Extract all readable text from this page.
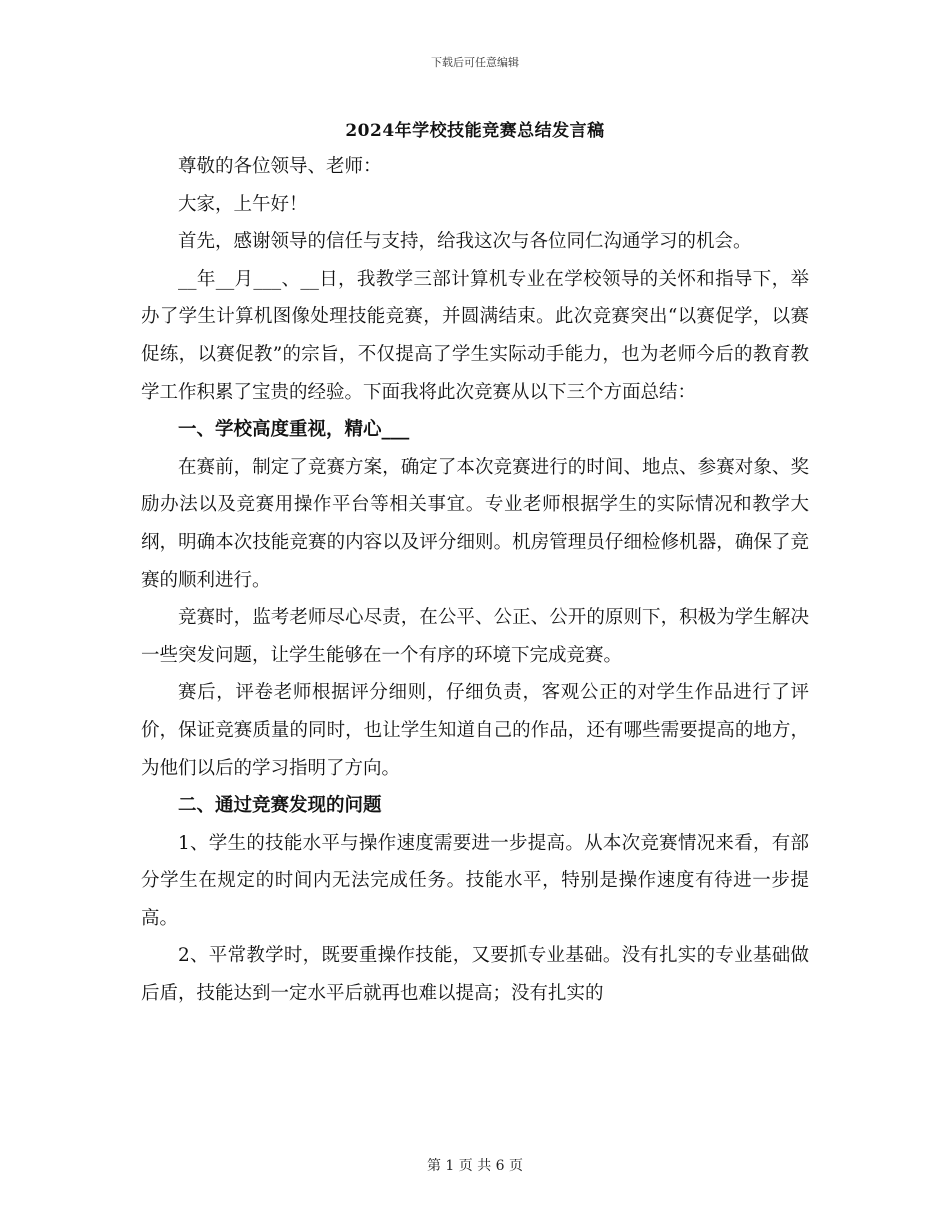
下载后可任意编辑
2024年学校技能竞赛总结发言稿

尊敬的各位领导、老师：

大家，上午好！

首先，感谢领导的信任与支持，给我这次与各位同仁沟通学习的机会。

__年__月___、__日，我教学三部计算机专业在学校领导的关怀和指导下，举办了学生计算机图像处理技能竞赛，并圆满结束。此次竞赛突出“以赛促学，以赛促练，以赛促教”的宗旨，不仅提高了学生实际动手能力，也为老师今后的教育教学工作积累了宝贵的经验。下面我将此次竞赛从以下三个方面总结：

一、学校高度重视，精心___

在赛前，制定了竞赛方案，确定了本次竞赛进行的时间、地点、参赛对象、奖励办法以及竞赛用操作平台等相关事宜。专业老师根据学生的实际情况和教学大纲，明确本次技能竞赛的内容以及评分细则。机房管理员仔细检修机器，确保了竞赛的顺利进行。

竞赛时，监考老师尽心尽责，在公平、公正、公开的原则下，积极为学生解决一些突发问题，让学生能够在一个有序的环境下完成竞赛。

赛后，评卷老师根据评分细则，仔细负责，客观公正的对学生作品进行了评价，保证竞赛质量的同时，也让学生知道自己的作品，还有哪些需要提高的地方，为他们以后的学习指明了方向。

二、通过竞赛发现的问题

1、学生的技能水平与操作速度需要进一步提高。从本次竞赛情况来看，有部分学生在规定的时间内无法完成任务。技能水平，特别是操作速度有待进一步提高。

2、平常教学时，既要重操作技能，又要抓专业基础。没有扎实的专业基础做后盾，技能达到一定水平后就再也难以提高；没有扎实的

第 1 页 共 6 页
